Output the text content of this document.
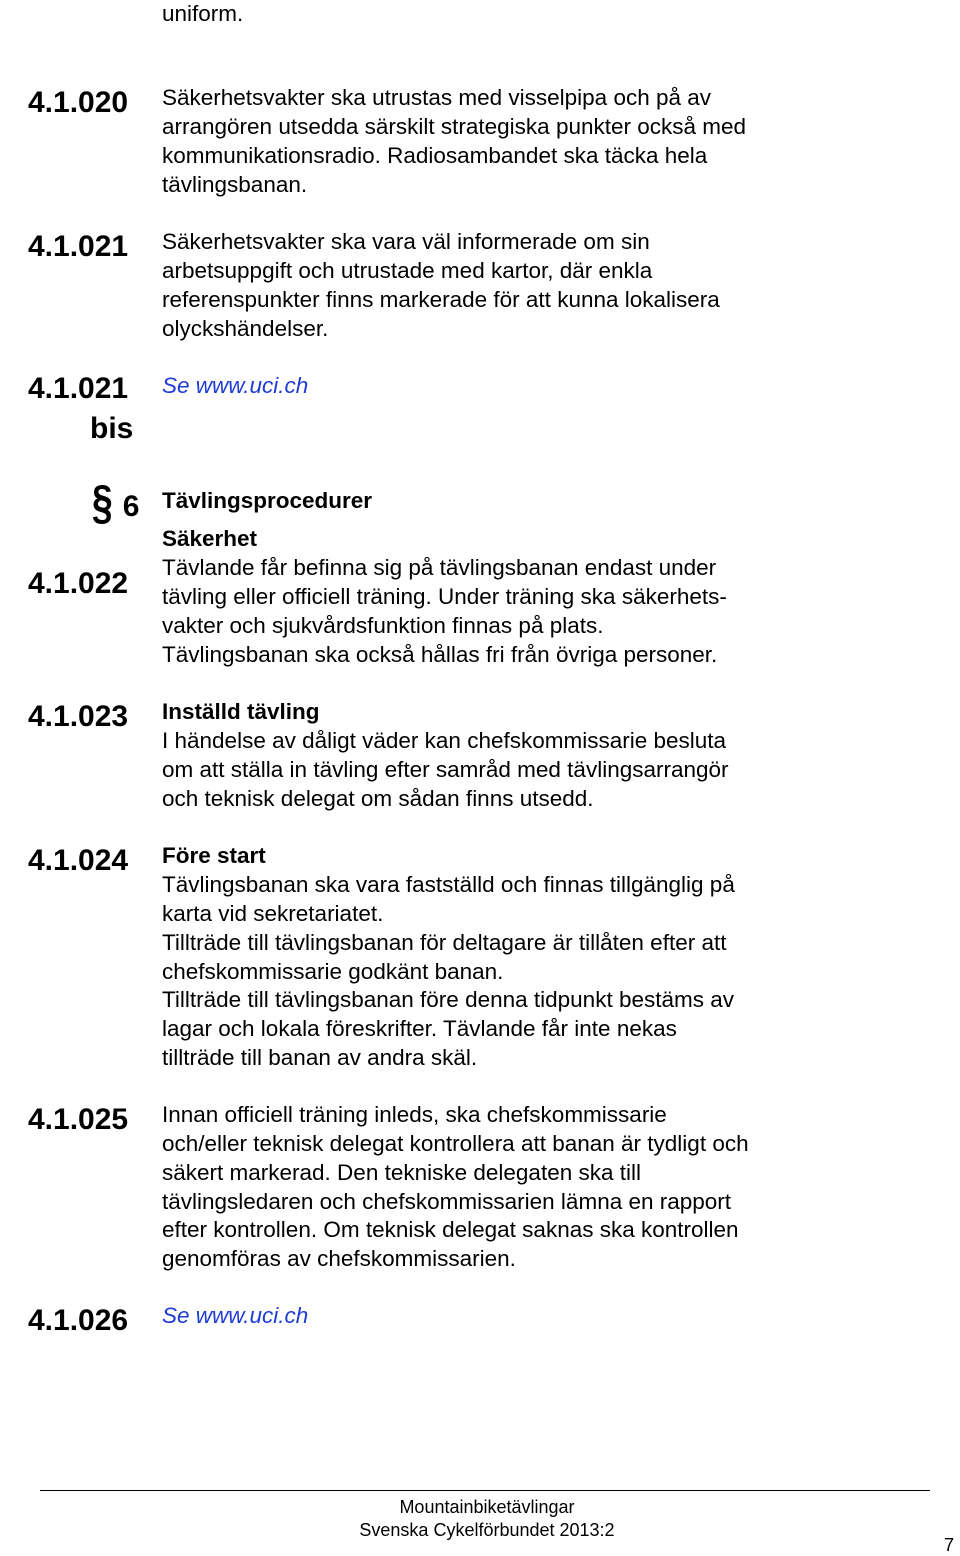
uniform.
4.1.020 Säkerhetsvakter ska utrustas med visselpipa och på av
arrangören utsedda särskilt strategiska punkter också med
kommunikationsradio. Radiosambandet ska täcka hela
tävlingsbanan.
4.1.021 Säkerhetsvakter ska vara väl informerade om sin
arbetsuppgift och utrustade med kartor, där enkla
referenspunkter finns markerade för att kunna lokalisera
olyckshändelser.
4.1.021
bis
Se www.uci.ch
§ 6 Tävlingsprocedurer
Säkerhet
4.1.022 Tävlande får befinna sig på tävlingsbanan endast under
tävling eller officiell träning. Under träning ska säkerhets-
vakter och sjukvårdsfunktion finnas på plats.
Tävlingsbanan ska också hållas fri från övriga personer.
4.1.023 Inställd tävling
I händelse av dåligt väder kan chefskommissarie besluta
om att ställa in tävling efter samråd med tävlingsarrangör
och teknisk delegat om sådan finns utsedd.
4.1.024 Före start
Tävlingsbanan ska vara fastställd och finnas tillgänglig på
karta vid sekretariatet.
Tillträde till tävlingsbanan för deltagare är tillåten efter att
chefskommissarie godkänt banan.
Tillträde till tävlingsbanan före denna tidpunkt bestäms av
lagar och lokala föreskrifter. Tävlande får inte nekas
tillträde till banan av andra skäl.
4.1.025 Innan officiell träning inleds, ska chefskommissarie
och/eller teknisk delegat kontrollera att banan är tydligt och
säkert markerad. Den tekniske delegaten ska till
tävlingsledaren och chefskommissarien lämna en rapport
efter kontrollen. Om teknisk delegat saknas ska kontrollen
genomföras av chefskommissarien.
4.1.026 Se www.uci.ch
Mountainbiketävlingar
Svenska Cykelförbundet 2013:2
7
